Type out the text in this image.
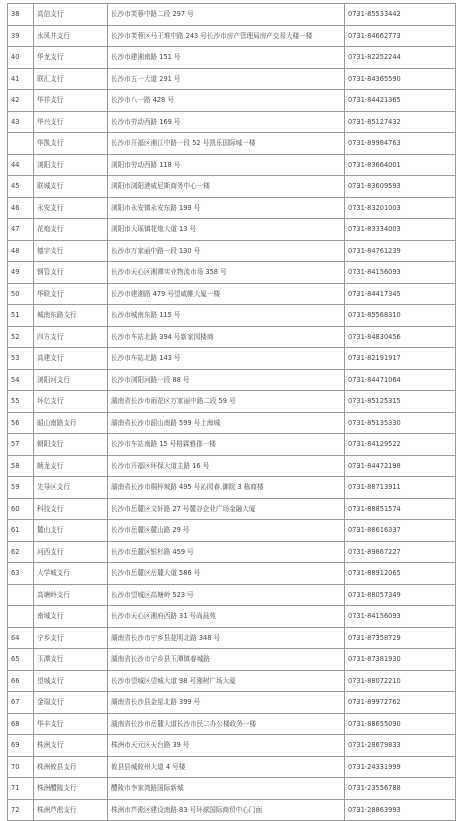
38	高信支行	长沙市芙蓉中路二段 297 号	0731-85533442
39	水风井支行	长沙市芙蓉区马王堆中路 243 号长沙市房产管理局房产交易大楼一楼	0731-84662773
40	华龙支行	长沙市建湘南路 151 号	0731-82252244
41	联汇支行	长沙市五一大道 291 号	0731-84365590
42	华祥支行	长沙市八一路 428 号	0731-84421365
43	华兴支行	长沙市劳动西路 169 号	0731-85127432
	华凯支行	长沙市开福区湘江中路一段 52 号凯乐国际城一楼	0731-89984763
44	浏阳支行	浏阳市劳动西路 118 号	0731-83664001
45	联城支行	浏阳市浏阳港威尼斯商务中心一楼	0731-83609593
46	永安支行	浏阳市永安镇永安东路 199 号	0731-83201003
47	花炮支行	浏阳市大瑶镇花炮大道 13 号	0731-83334003
48	德宇支行	长沙市万家丽中路一段 130 号	0731-84761239
49	钢管支行	长沙市天心区湘潭实业物流市场 358 号	0731-84156093
50	华联支行	长沙市建湘路 479 号望咸帷大厦一楼	0731-84417345
51	城南东路支行	长沙市城南东路 115 号	0731-85568310
52	四方支行	长沙市车站北路 394 号新家园楼商	0731-84830456
53	高建支行	长沙市车站北路 143 号	0731-82191917
54	浏阳河支行	长沙市浏阳河路一段 88 号	0731-84471064
55	环亿支行	湖南省长沙市雨花区万家丽中路二段 59 号	0731-85125315
56	韶山南路支行	湖南省长沙市韶山南路 599 号上海城	0731-85135330
57	朝阳支行	长沙市车站南路 15 号格霖雅郡一楼	0731-84129522
58	顺龙支行	长沙市开福区环保大道主路 16 号	0731-84472198
59	先导区支行	湖南省长沙市桐梓坡路 495 号沁园春.御院 3 栋商楼	0731-88713911
60	科技支行	长沙市岳麓区文轩路 27 号麓谷企业广场金融大厦	0731-88851574
61	麓山支行	长沙市岳麓区麓山路 29 号	0731-88616337
62	河西支行	长沙市岳麓区银杉路 459 号	0731-89867227
63	大学城支行	长沙市岳麓区岳麓大道 586 号	0731-88912065
	高塘岭支行	长沙市望城区高塘岭 523 号	0731-88057349
	南城支行	长沙市天心区湘府西路 31 号尚晨苑	0731-84156093
64	宁乡支行	湖南省长沙市宁乡县花明北路 348 号	0731-87358729
65	玉潭支行	湖南省长沙市宁乡县玉潭镇春城路	0731-87381930
66	望城支行	长沙市望城区望城大道 98 号湘树广场大厦	0731-88072210
67	金瑞支行	湖南省长沙县金星北路 399 号	0731-89972762
68	华丰支行	湖南省长沙市岳麓大道长沙市民二办公楼政务一楼	0731-88655090
69	株洲支行	株洲市天元区天台路 39 号	0731-28679833
70	株洲攸县支行	攸县县城攸州大道 4 号楼	0731-24331999
71	株洲醴陵支行	醴陵市李家湾路国际新城	0731-23556788
72	株洲芦淞支行	株洲市芦淞区建设南路 83 号环球国际商贸中心门面	0731-28863993
